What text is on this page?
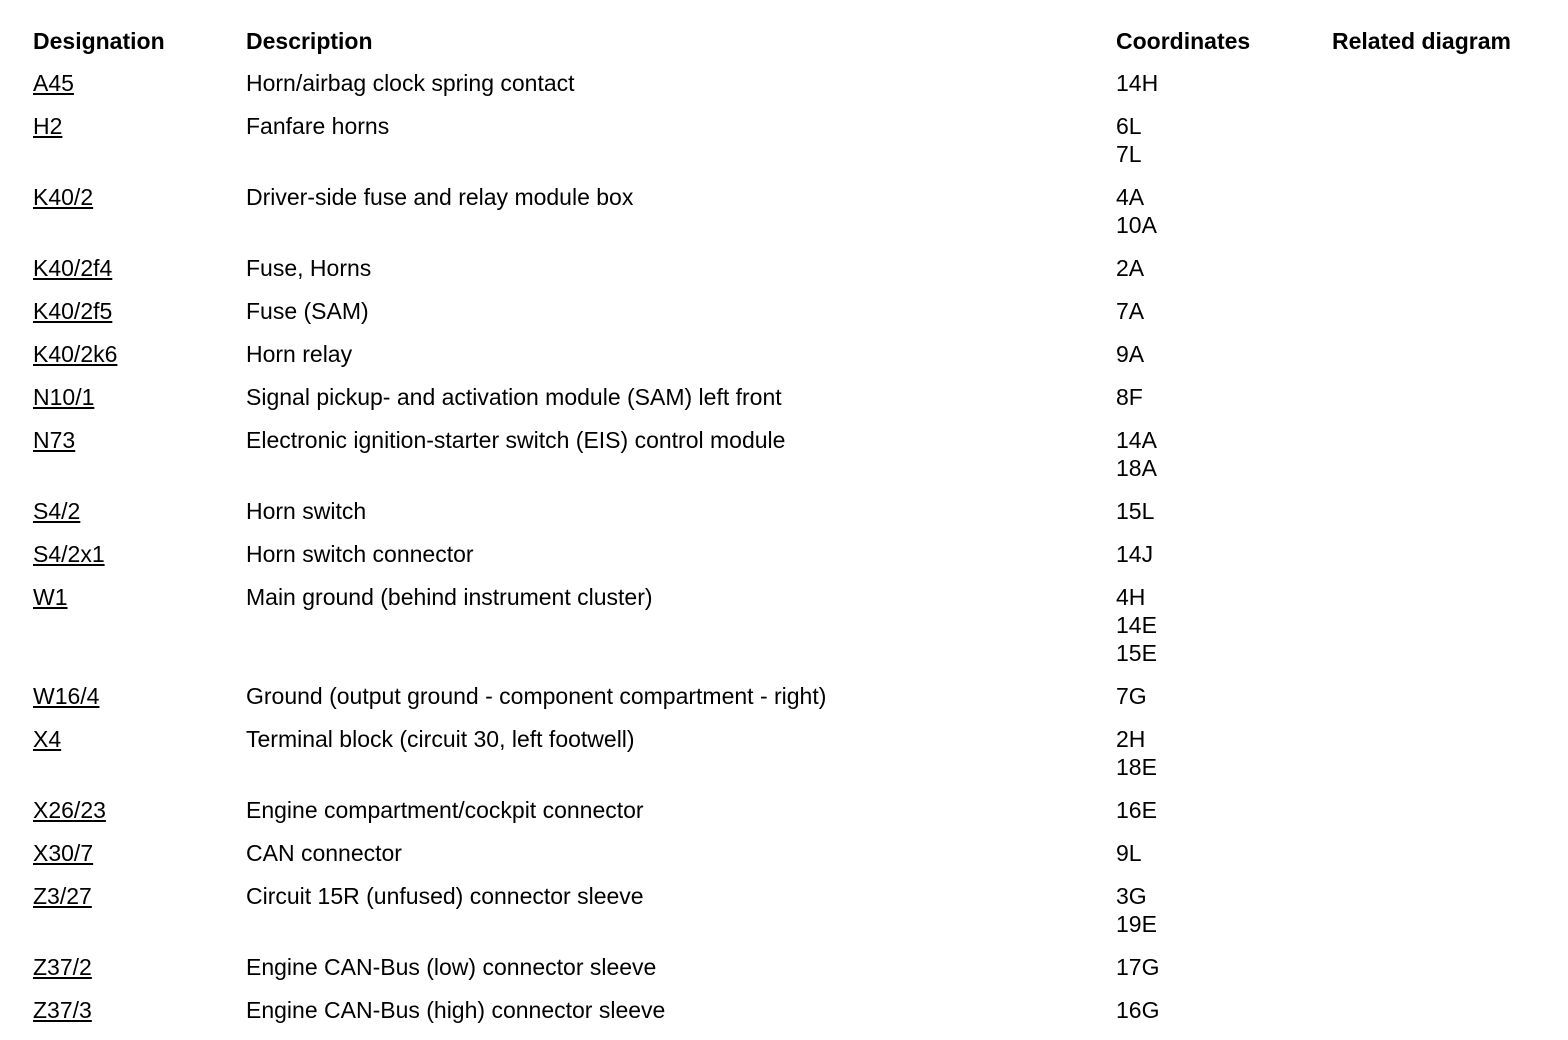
Designation	Description	Coordinates	Related diagram
A45	Horn/airbag clock spring contact	14H
H2	Fanfare horns	6L
7L
K40/2	Driver-side fuse and relay module box	4A
10A
K40/2f4	Fuse, Horns	2A
K40/2f5	Fuse (SAM)	7A
K40/2k6	Horn relay	9A
N10/1	Signal pickup- and activation module (SAM) left front	8F
N73	Electronic ignition-starter switch (EIS) control module	14A
18A
S4/2	Horn switch	15L
S4/2x1	Horn switch connector	14J
W1	Main ground (behind instrument cluster)	4H
14E
15E
W16/4	Ground (output ground - component compartment - right)	7G
X4	Terminal block (circuit 30, left footwell)	2H
18E
X26/23	Engine compartment/cockpit connector	16E
X30/7	CAN connector	9L
Z3/27	Circuit 15R (unfused) connector sleeve	3G
19E
Z37/2	Engine CAN-Bus (low) connector sleeve	17G
Z37/3	Engine CAN-Bus (high) connector sleeve	16G
